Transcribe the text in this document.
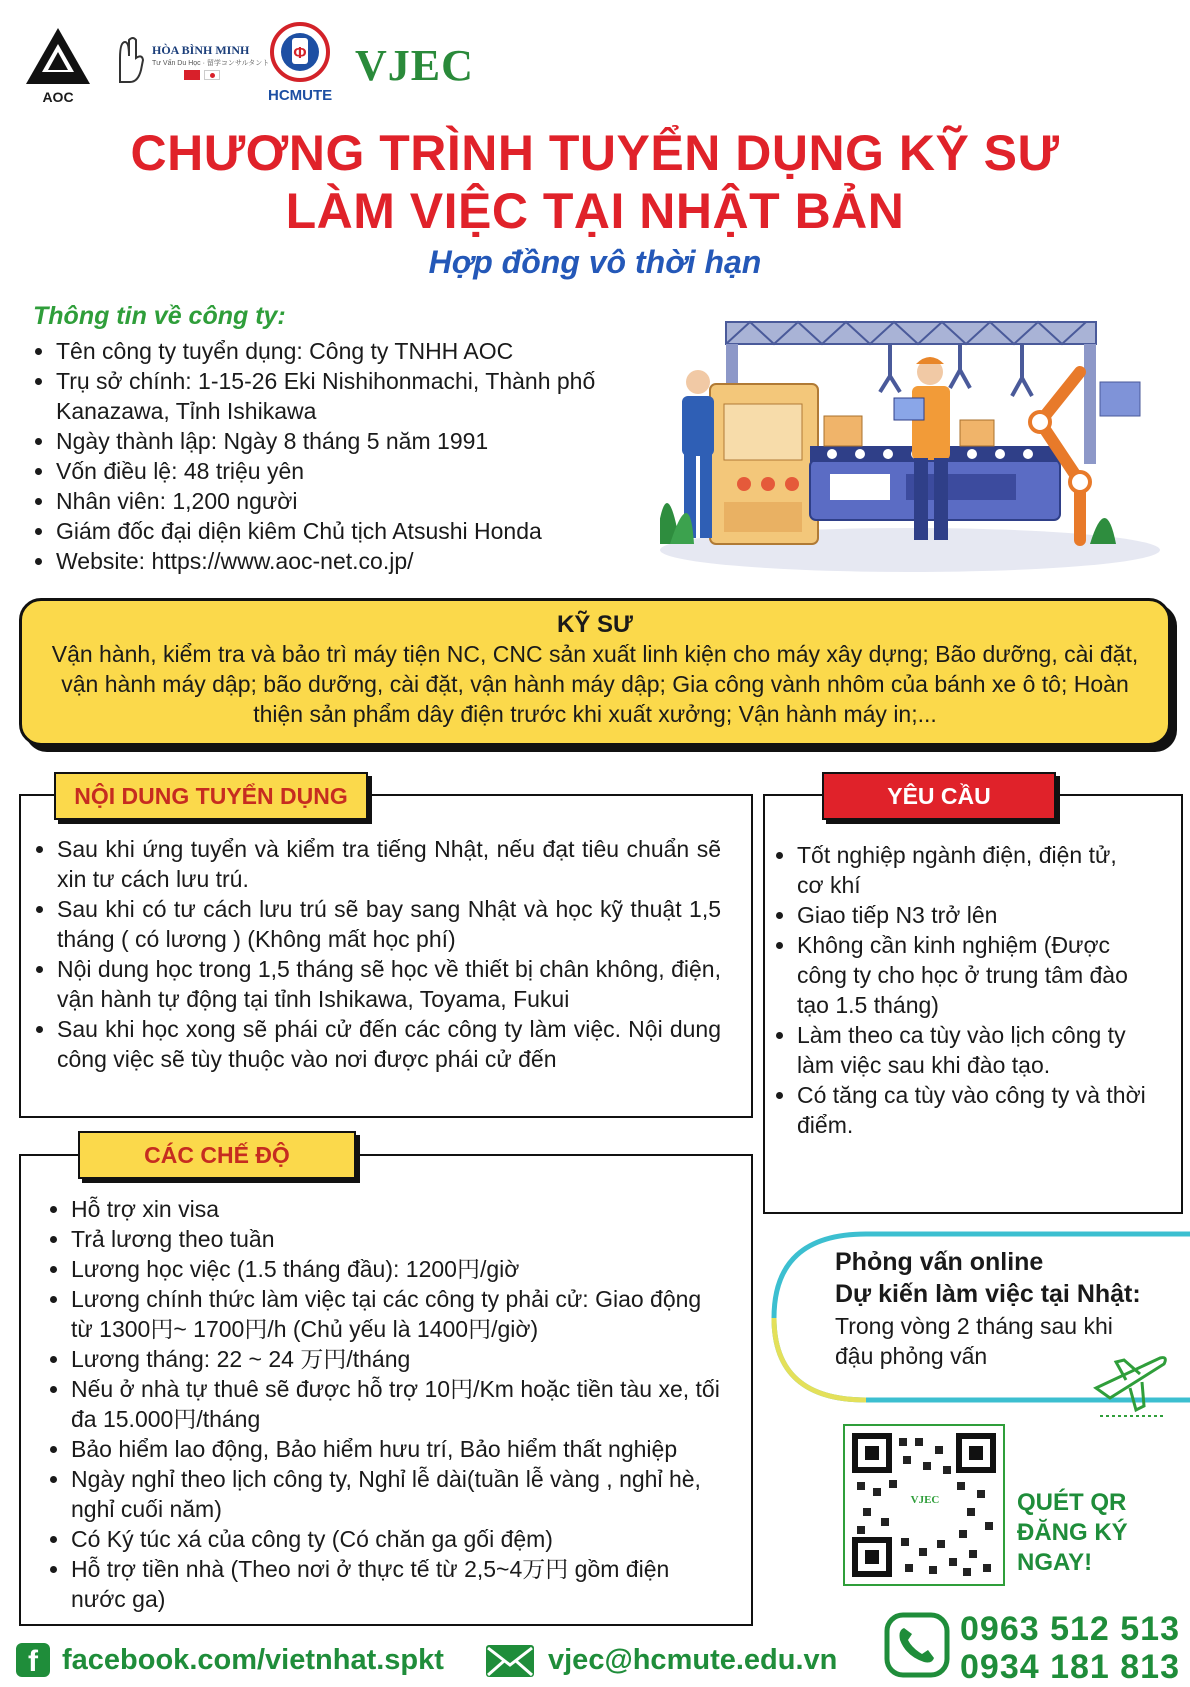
AOC
HÒA BÌNH MINH
Tư Vấn Du Học · 留学コンサルタント
Φ
HCMUTE
VJEC
CHƯƠNG TRÌNH TUYỂN DỤNG KỸ SƯ
LÀM VIỆC TẠI NHẬT BẢN
Hợp đồng vô thời hạn
Thông tin về công ty:
• Tên công ty tuyển dụng: Công ty TNHH AOC
• Trụ sở chính: 1-15-26 Eki Nishihonmachi, Thành phố Kanazawa, Tỉnh Ishikawa
• Ngày thành lập: Ngày 8 tháng 5 năm 1991
• Vốn điều lệ: 48 triệu yên
• Nhân viên: 1,200 người
• Giám đốc đại diện kiêm Chủ tịch Atsushi Honda
• Website: https://www.aoc-net.co.jp/
KỸ SƯ
Vận hành, kiểm tra và bảo trì máy tiện NC, CNC sản xuất linh kiện cho máy xây dựng; Bão dưỡng, cài đặt, vận hành máy dập; bão dưỡng, cài đặt, vận hành máy dập; Gia công vành nhôm của bánh xe ô tô; Hoàn thiện sản phẩm dây điện trước khi xuất xưởng; Vận hành máy in;...
• Sau khi ứng tuyển và kiểm tra tiếng Nhật, nếu đạt tiêu chuẩn sẽ xin tư cách lưu trú.
• Sau khi có tư cách lưu trú sẽ bay sang Nhật và học kỹ thuật 1,5 tháng ( có lương ) (Không mất học phí)
• Nội dung học trong 1,5 tháng sẽ học về thiết bị chân không, điện, vận hành tự động tại tỉnh Ishikawa, Toyama, Fukui
• Sau khi học xong sẽ phái cử đến các công ty làm việc. Nội dung công việc sẽ tùy thuộc vào nơi được phái cử đến
NỘI DUNG TUYỂN DỤNG
• Tốt nghiệp ngành điện, điện tử, cơ khí
• Giao tiếp N3 trở lên
• Không cần kinh nghiệm (Được công ty cho học ở trung tâm đào tạo 1.5 tháng)
• Làm theo ca tùy vào lịch công ty làm việc sau khi đào tạo.
• Có tăng ca tùy vào công ty và thời điểm.
YÊU CẦU
• Hỗ trợ xin visa
• Trả lương theo tuần
• Lương học việc (1.5 tháng đầu): 1200円/giờ
• Lương chính thức làm việc tại các công ty phải cử: Giao động từ 1300円~ 1700円/h (Chủ yếu là 1400円/giờ)
• Lương tháng: 22 ~ 24 万円/tháng
• Nếu ở nhà tự thuê sẽ được hỗ trợ 10円/Km hoặc tiền tàu xe, tối đa 15.000円/tháng
• Bảo hiểm lao động, Bảo hiểm hưu trí, Bảo hiểm thất nghiệp
• Ngày nghỉ theo lịch công ty, Nghỉ lễ dài(tuần lễ vàng , nghỉ hè, nghỉ cuối năm)
• Có Ký túc xá của công ty (Có chăn ga gối đệm)
• Hỗ trợ tiền nhà (Theo nơi ở thực tế từ 2,5~4万円 gồm điện nước ga)
CÁC CHẾ ĐỘ
Phỏng vấn online
Dự kiến làm việc tại Nhật:
Trong vòng 2 tháng sau khi đậu phỏng vấn
VJEC	QUÉT QR
ĐĂNG KÝ
NGAY!
f facebook.com/vietnhat.spkt	vjec@hcmute.edu.vn
0963 512 513
0934 181 813
